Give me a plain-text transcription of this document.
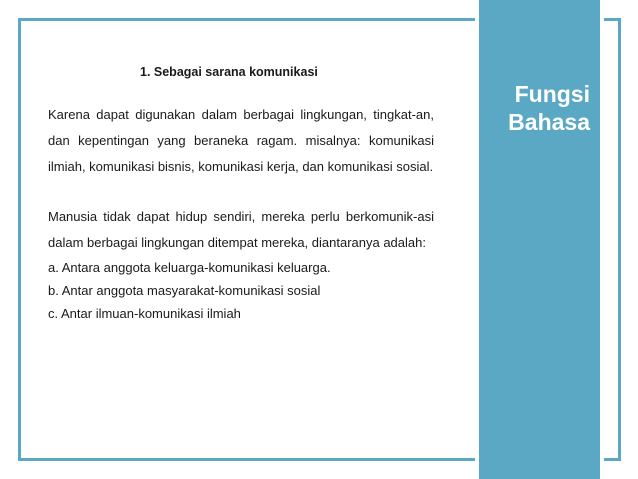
Fungsi
Bahasa
1. Sebagai sarana komunikasi

Karena dapat digunakan dalam berbagai lingkungan, tingkat-an, dan kepentingan yang beraneka ragam. misalnya: komunikasi ilmiah, komunikasi bisnis, komunikasi kerja, dan komunikasi sosial.

Manusia tidak dapat hidup sendiri, mereka perlu berkomunik-asi dalam berbagai lingkungan ditempat mereka, diantaranya adalah:

a. Antara anggota keluarga-komunikasi keluarga.
b. Antar anggota masyarakat-komunikasi sosial
c. Antar ilmuan-komunikasi ilmiah
